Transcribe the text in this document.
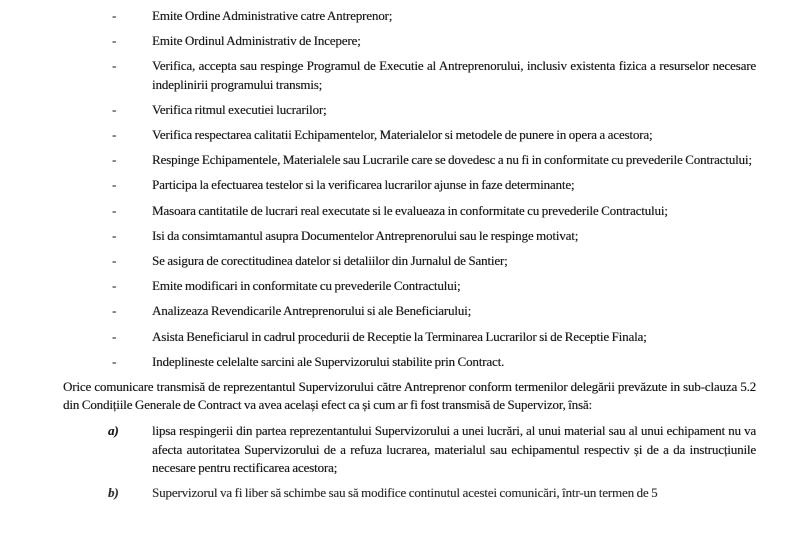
-	Emite Ordine Administrative catre Antreprenor;
-	Emite Ordinul Administrativ de Incepere;
-	Verifica, accepta sau respinge Programul de Executie al Antreprenorului, inclusiv existenta fizica a resurselor necesare indeplinirii programului transmis;
-	Verifica ritmul executiei lucrarilor;
-	Verifica respectarea calitatii Echipamentelor, Materialelor si metodele de punere in opera a acestora;
-	Respinge Echipamentele, Materialele sau Lucrarile care se dovedesc a nu fi in conformitate cu prevederile Contractului;
-	Participa la efectuarea testelor si la verificarea lucrarilor ajunse in faze determinante;
-	Masoara cantitatile de lucrari real executate si le evalueaza in conformitate cu prevederile Contractului;
-	Isi da consimtamantul asupra Documentelor Antreprenorului sau le respinge motivat;
-	Se asigura de corectitudinea datelor si detaliilor din Jurnalul de Santier;
-	Emite modificari in conformitate cu prevederile Contractului;
-	Analizeaza Revendicarile Antreprenorului si ale Beneficiarului;
-	Asista Beneficiarul in cadrul procedurii de Receptie la Terminarea Lucrarilor si de Receptie Finala;
-	Indeplineste celelalte sarcini ale Supervizorului stabilite prin Contract.
Orice comunicare transmisă de reprezentantul Supervizorului către Antreprenor conform termenilor delegării prevăzute in sub-clauza 5.2 din Condițiile Generale de Contract va avea același efect ca și cum ar fi fost transmisă de Supervizor, însă:
a)	lipsa respingerii din partea reprezentantului Supervizorului a unei lucrări, al unui material sau al unui echipament nu va afecta autoritatea Supervizorului de a refuza lucrarea, materialul sau echipamentul respectiv și de a da instrucțiunile necesare pentru rectificarea acestora;
b)	Supervizorul va fi liber să schimbe sau să modifice continutul acestei comunicări, într-un termen de 5
